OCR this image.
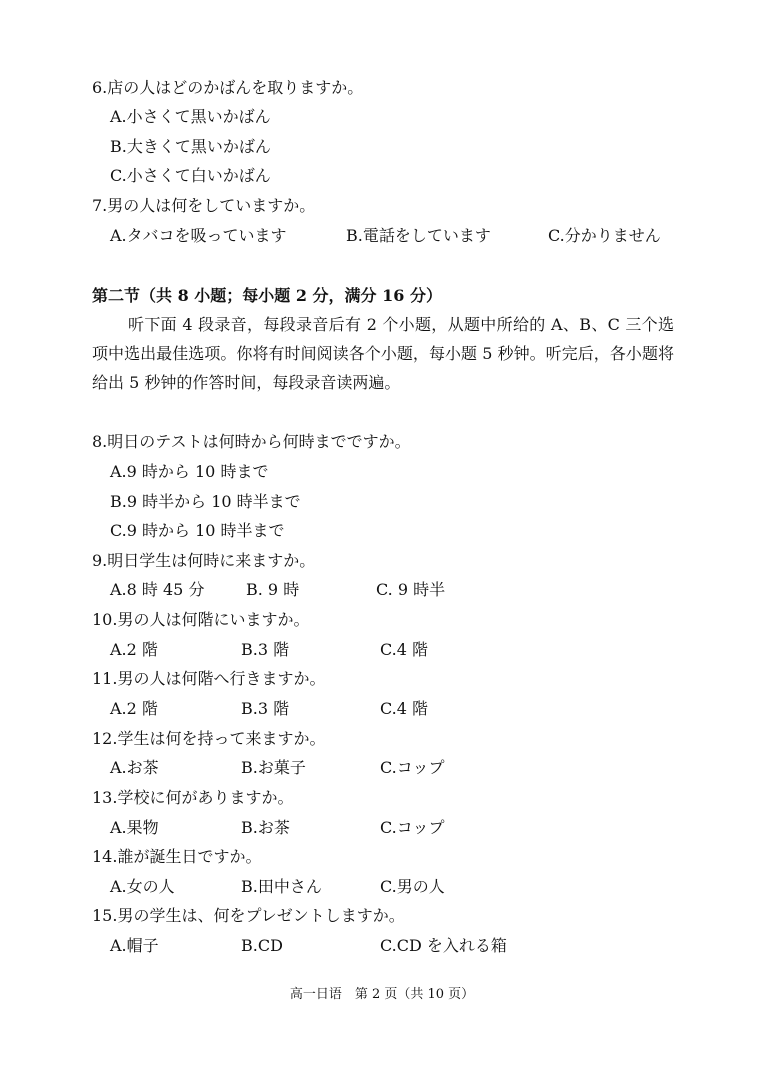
6.店の人はどのかばんを取りますか。
A.小さくて黒いかばん
B.大きくて黒いかばん
C.小さくて白いかばん
7.男の人は何をしていますか。
A.タバコを吸っています	B.電話をしています	C.分かりません
第二节（共 8 小题；每小题 2 分，满分 16 分）
听下面 4 段录音，每段录音后有 2 个小题，从题中所给的 A、B、C 三个选项中选出最佳选项。你将有时间阅读各个小题，每小题 5 秒钟。听完后，各小题将给出 5 秒钟的作答时间，每段录音读两遍。
8.明日のテストは何時から何時までですか。
A.9 時から 10 時まで
B.9 時半から 10 時半まで
C.9 時から 10 時半まで
9.明日学生は何時に来ますか。
A.8 時 45 分	B. 9 時	C. 9 時半
10.男の人は何階にいますか。
A.2 階	B.3 階	C.4 階
11.男の人は何階へ行きますか。
A.2 階	B.3 階	C.4 階
12.学生は何を持って来ますか。
A.お茶	B.お菓子	C.コップ
13.学校に何がありますか。
A.果物	B.お茶	C.コップ
14.誰が誕生日ですか。
A.女の人	B.田中さん	C.男の人
15.男の学生は、何をプレゼントしますか。
A.帽子	B.CD	C.CD を入れる箱
高一日语　第 2 页（共 10 页）
